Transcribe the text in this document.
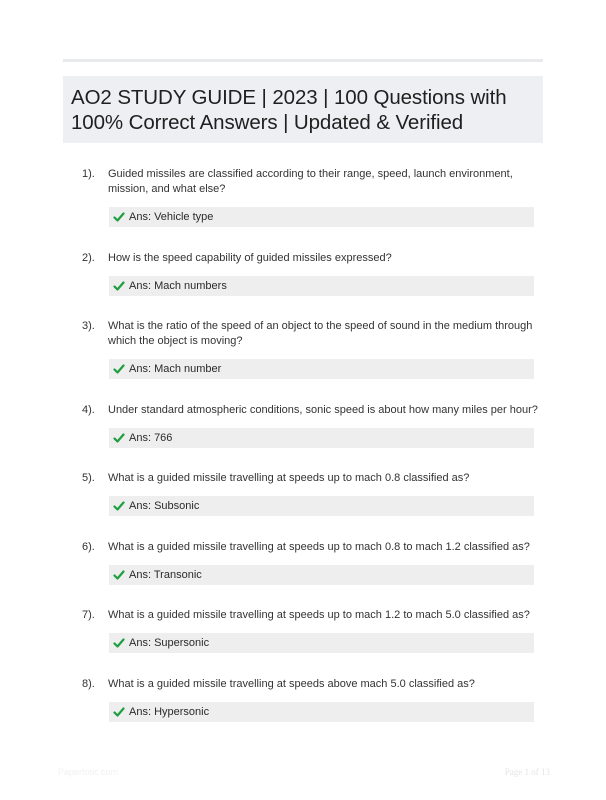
AO2 STUDY GUIDE | 2023 | 100 Questions with 100% Correct Answers | Updated & Verified
1). Guided missiles are classified according to their range, speed, launch environment, mission, and what else?
Ans: Vehicle type
2). How is the speed capability of guided missiles expressed?
Ans: Mach numbers
3). What is the ratio of the speed of an object to the speed of sound in the medium through which the object is moving?
Ans: Mach number
4). Under standard atmospheric conditions, sonic speed is about how many miles per hour?
Ans: 766
5). What is a guided missile travelling at speeds up to mach 0.8 classified as?
Ans: Subsonic
6). What is a guided missile travelling at speeds up to mach 0.8 to mach 1.2 classified as?
Ans: Transonic
7). What is a guided missile travelling at speeds up to mach 1.2 to mach 5.0 classified as?
Ans: Supersonic
8). What is a guided missile travelling at speeds above mach 5.0 classified as?
Ans: Hypersonic
Papertotic.com	Page 1 of 13
